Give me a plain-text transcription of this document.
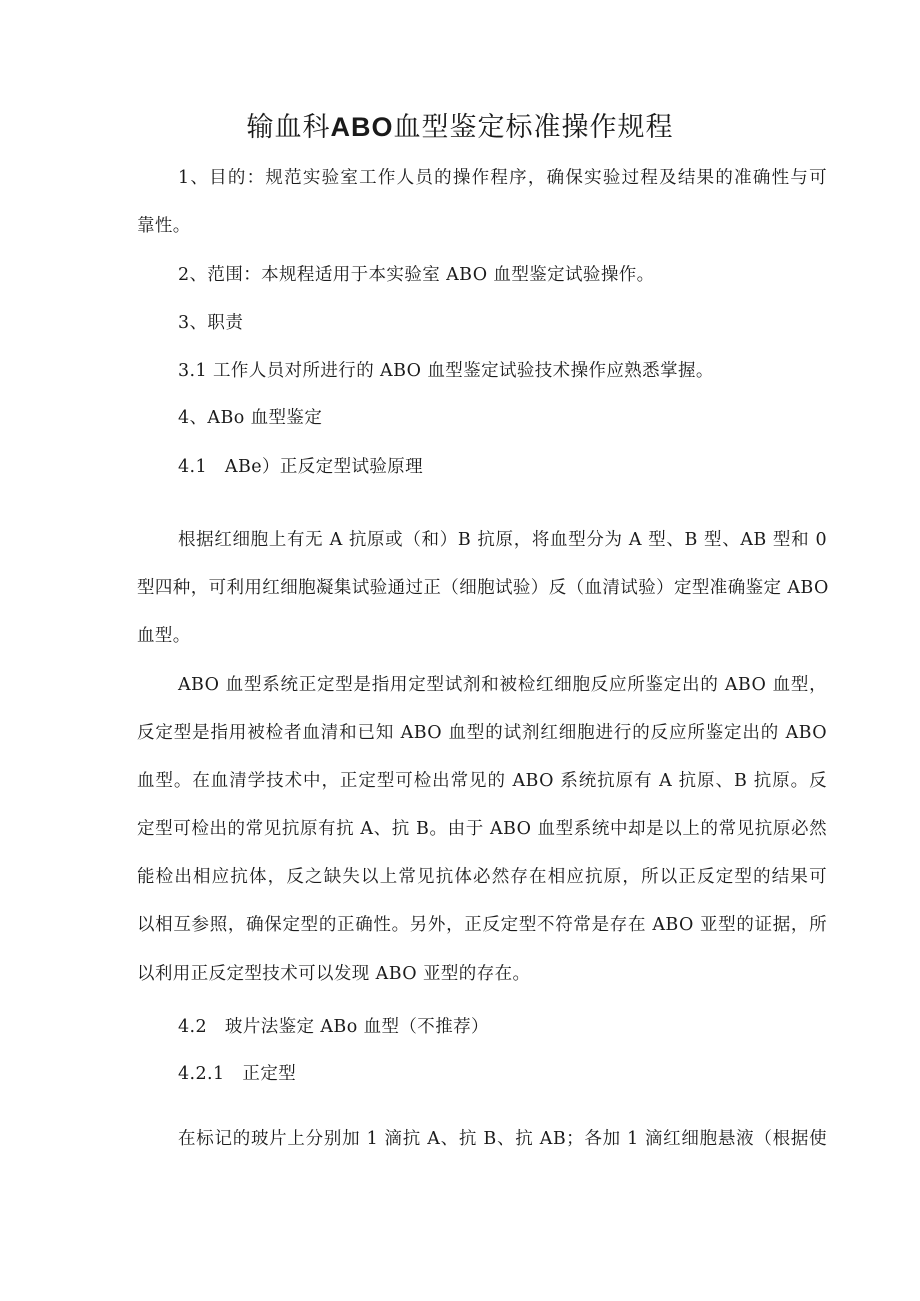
输血科ABO血型鉴定标准操作规程
1、目的：规范实验室工作人员的操作程序，确保实验过程及结果的准确性与可
靠性。
2、范围：本规程适用于本实验室 ABO 血型鉴定试验操作。
3、职责
3.1 工作人员对所进行的 ABO 血型鉴定试验技术操作应熟悉掌握。
4、ABo 血型鉴定
4.1　ABe）正反定型试验原理
根据红细胞上有无 A 抗原或（和）B 抗原，将血型分为 A 型、B 型、AB 型和 0
型四种，可利用红细胞凝集试验通过正（细胞试验）反（血清试验）定型准确鉴定 ABO
血型。
ABO 血型系统正定型是指用定型试剂和被检红细胞反应所鉴定出的 ABO 血型，
反定型是指用被检者血清和已知 ABO 血型的试剂红细胞进行的反应所鉴定出的 ABO
血型。在血清学技术中，正定型可检出常见的 ABO 系统抗原有 A 抗原、B 抗原。反
定型可检出的常见抗原有抗 A、抗 B。由于 ABO 血型系统中却是以上的常见抗原必然
能检出相应抗体，反之缺失以上常见抗体必然存在相应抗原，所以正反定型的结果可
以相互参照，确保定型的正确性。另外，正反定型不符常是存在 ABO 亚型的证据，所
以利用正反定型技术可以发现 ABO 亚型的存在。
4.2　玻片法鉴定 ABo 血型（不推荐）
4.2.1　正定型
在标记的玻片上分别加 1 滴抗 A、抗 B、抗 AB；各加 1 滴红细胞悬液（根据使
